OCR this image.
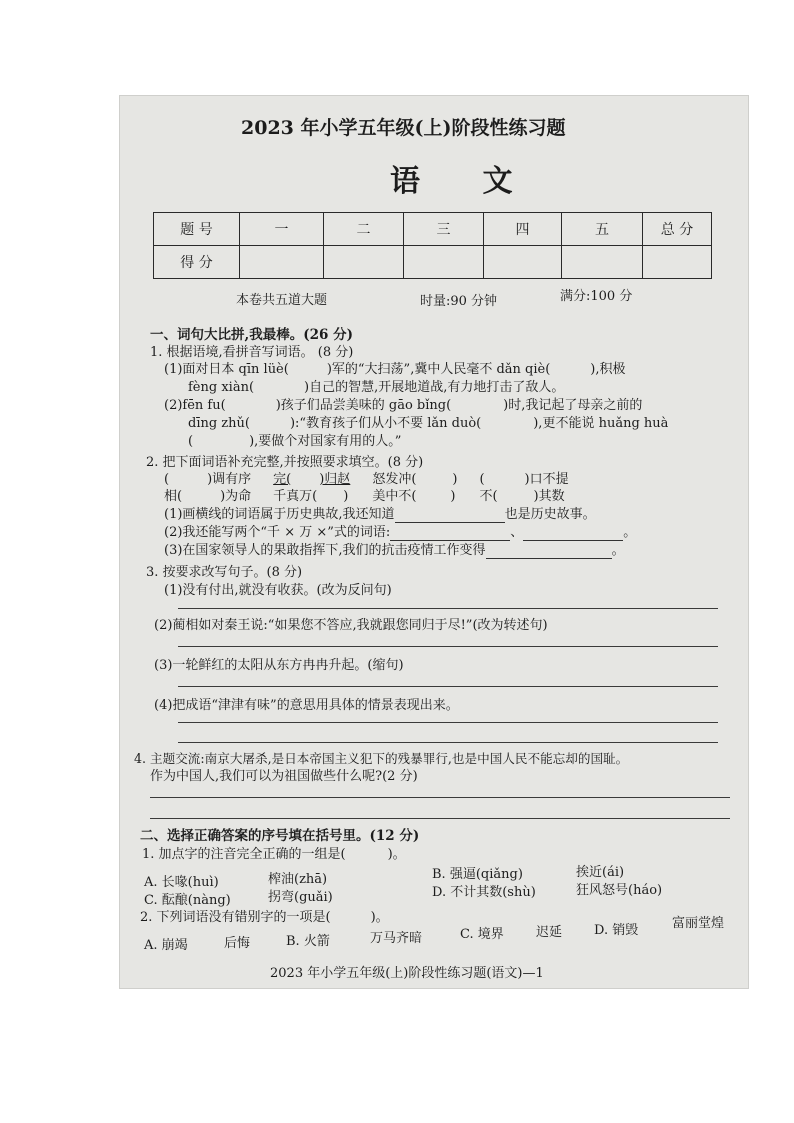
2023 年小学五年级(上)阶段性练习题
语 文
题 号	一	二	三	四	五	总 分
得 分						
本卷共五道大题	时量:90 分钟	满分:100 分
一、词句大比拼,我最棒。(26 分)
1. 根据语境,看拼音写词语。 (8 分)
(1)面对日本 qīn lüè(	)军的“大扫荡”,冀中人民毫不 dǎn qiè(	),积极
fèng xiàn(	)自己的智慧,开展地道战,有力地打击了敌人。
(2)fēn fu(	)孩子们品尝美味的 gāo bǐng(	)时,我记起了母亲之前的
dīng zhǔ(	):“教育孩子们从小不要 lǎn duò(	),更不能说 huǎng huà
(	),要做个对国家有用的人。”
2. 把下面词语补充完整,并按照要求填空。(8 分)
(	)调有序 完( )归赵 怒发冲(	) (	)口不提
相(	)为命 千真万( ) 美中不(	) 不(	)其数
(1)画横线的词语属于历史典故,我还知道	也是历史故事。
(2)我还能写两个“千 × 万 ×”式的词语:	、	。
(3)在国家领导人的果敢指挥下,我们的抗击疫情工作变得	。
3. 按要求改写句子。(8 分)
(1)没有付出,就没有收获。(改为反问句)
(2)蔺相如对秦王说:“如果您不答应,我就跟您同归于尽!”(改为转述句)
(3)一轮鲜红的太阳从东方冉冉升起。(缩句)
(4)把成语“津津有味”的意思用具体的情景表现出来。
4. 主题交流:南京大屠杀,是日本帝国主义犯下的残暴罪行,也是中国人民不能忘却的国耻。
作为中国人,我们可以为祖国做些什么呢?(2 分)
二、选择正确答案的序号填在括号里。(12 分)
1. 加点字的注音完全正确的一组是(	)。
A. 长喙(huì)	榨油(zhā)	B. 强逼(qiǎng)	挨近(ái)
C. 酝酿(nàng)	拐弯(guǎi)	D. 不计其数(shù)	狂风怒号(háo)
2. 下列词语没有错别字的一项是(	)。
A. 崩竭	后悔	B. 火箭	万马齐暗	C. 境界 迟延 D. 销毁	富丽堂煌
2023 年小学五年级(上)阶段性练习题(语文)—1
